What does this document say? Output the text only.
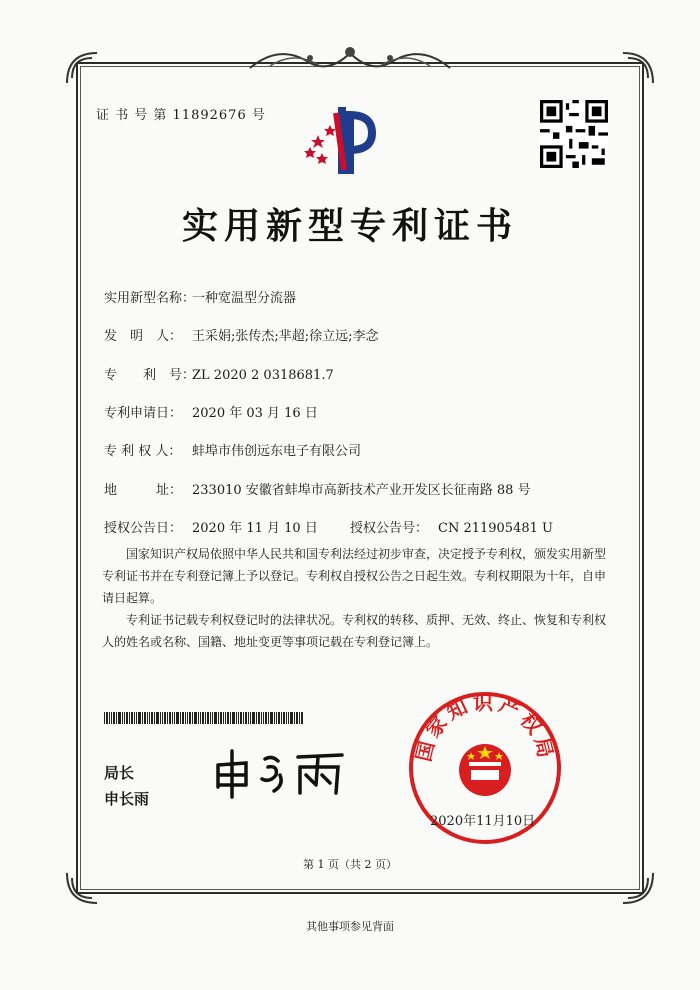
证 书 号 第 11892676 号
实用新型专利证书
实用新型名称：一种宽温型分流器
发　明　人： 王采娟;张传杰;芈超;徐立远;李念
专　　利　号：ZL 2020 2 0318681.7
专利申请日： 2020 年 03 月 16 日
专 利 权 人： 蚌埠市伟创远东电子有限公司
地　　　址： 233010 安徽省蚌埠市高新技术产业开发区长征南路 88 号
授权公告日： 2020 年 11 月 10 日 授权公告号： CN 211905481 U
国家知识产权局依照中华人民共和国专利法经过初步审查，决定授予专利权，颁发实用新型专利证书并在专利登记簿上予以登记。专利权自授权公告之日起生效。专利权期限为十年，自申请日起算。
专利证书记载专利权登记时的法律状况。专利权的转移、质押、无效、终止、恢复和专利权人的姓名或名称、国籍、地址变更等事项记载在专利登记簿上。
局长
申长雨
国家知识产权局
2020年11月10日
第 1 页（共 2 页）
其他事项参见背面
